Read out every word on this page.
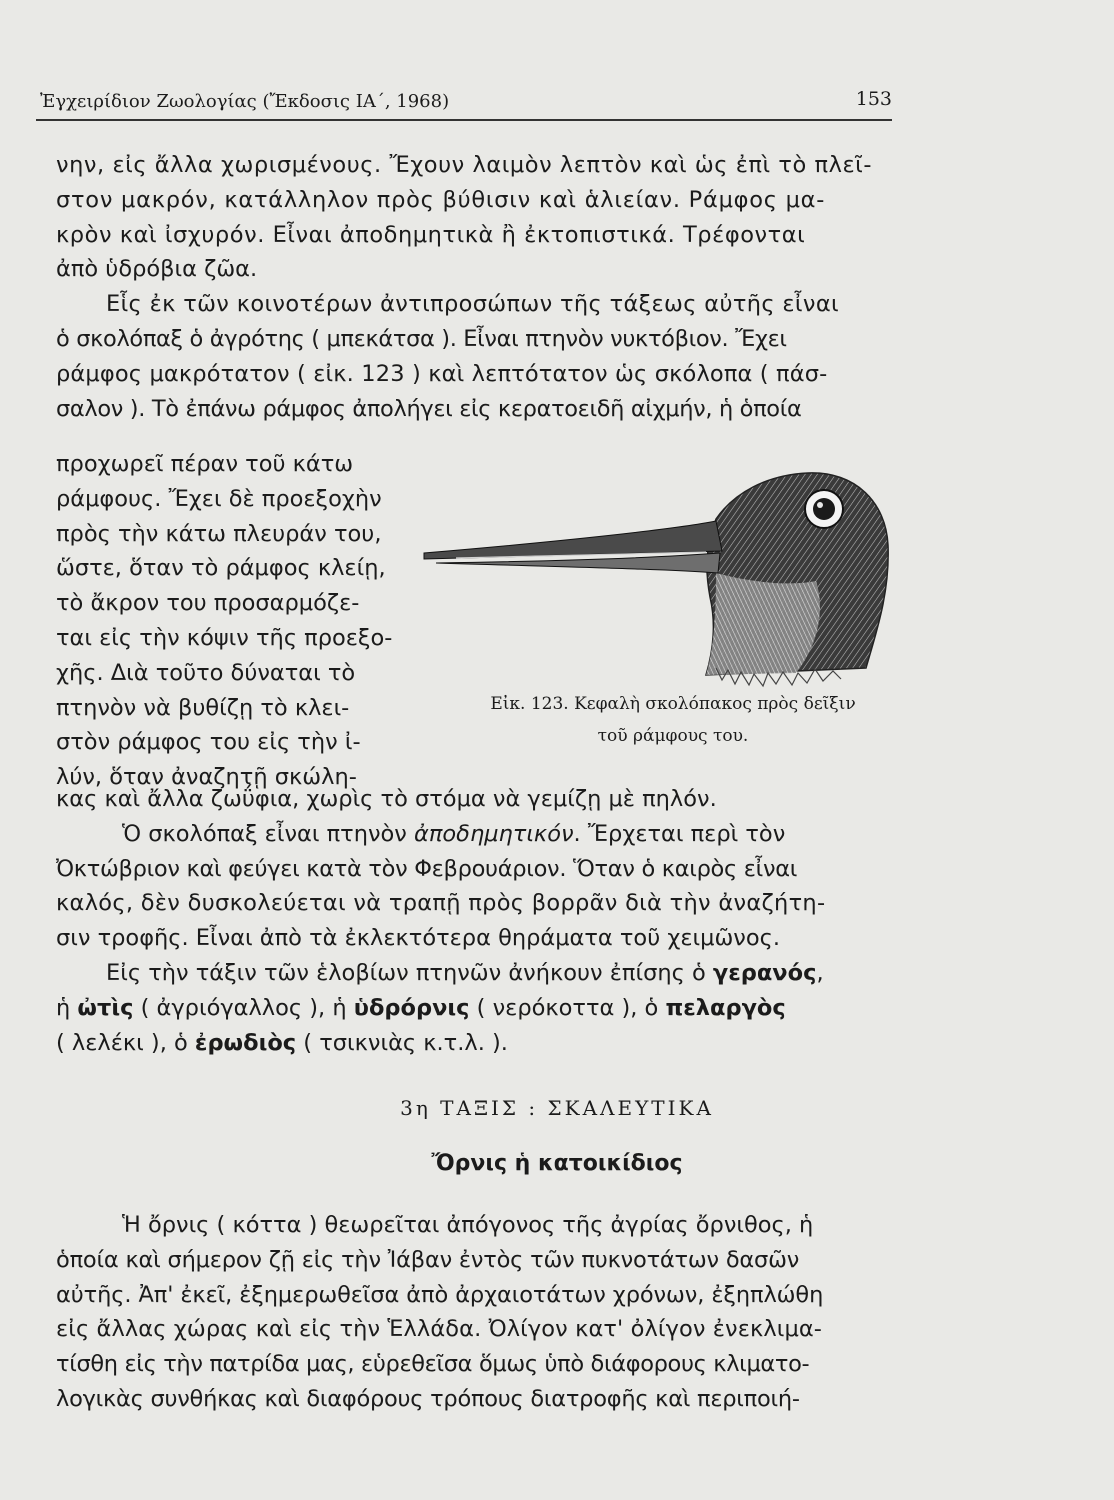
Ἐγχειρίδιον Ζωολογίας (Ἔκδοσις ΙΑ΄, 1968)	153
νην, εἰς ἄλλα χωρισμένους. Ἔχουν λαιμὸν λεπτὸν καὶ ὡς ἐπὶ τὸ πλεῖ-
στον μακρόν, κατάλληλον πρὸς βύθισιν καὶ ἁλιείαν. Ράμφος μα-
κρὸν καὶ ἰσχυρόν. Εἶναι ἀποδημητικὰ ἢ ἐκτοπιστικά. Τρέφονται
ἀπὸ ὑδρόβια ζῶα.
Εἷς ἐκ τῶν κοινοτέρων ἀντιπροσώπων τῆς τάξεως αὐτῆς εἶναι
ὁ σκολόπαξ ὁ ἀγρότης ( μπεκάτσα ). Εἶναι πτηνὸν νυκτόβιον. Ἔχει
ράμφος μακρότατον ( εἰκ. 123 ) καὶ λεπτότατον ὡς σκόλοπα ( πάσ-
σαλον ). Τὸ ἐπάνω ράμφος ἀπολήγει εἰς κερατοειδῆ αἰχμήν, ἡ ὁποία
προχωρεῖ πέραν τοῦ κάτω
ράμφους. Ἔχει δὲ προεξοχὴν
πρὸς τὴν κάτω πλευράν του,
ὥστε, ὅταν τὸ ράμφος κλείῃ,
τὸ ἄκρον του προσαρμόζε-
ται εἰς τὴν κόψιν τῆς προεξο-
χῆς. Διὰ τοῦτο δύναται τὸ
πτηνὸν νὰ βυθίζῃ τὸ κλει-
στὸν ράμφος του εἰς τὴν ἰ-
λύν, ὅταν ἀναζητῇ σκώλη-
Εἰκ. 123. Κεφαλὴ σκολόπακος πρὸς δεῖξιν
τοῦ ράμφους του.
κας καὶ ἄλλα ζωΰφια, χωρὶς τὸ στόμα νὰ γεμίζῃ μὲ πηλόν.
Ὁ σκολόπαξ εἶναι πτηνὸν ἀποδημητικόν. Ἔρχεται περὶ τὸν
Ὀκτώβριον καὶ φεύγει κατὰ τὸν Φεβρουάριον. Ὅταν ὁ καιρὸς εἶναι
καλός, δὲν δυσκολεύεται νὰ τραπῇ πρὸς βορρᾶν διὰ τὴν ἀναζήτη-
σιν τροφῆς. Εἶναι ἀπὸ τὰ ἐκλεκτότερα θηράματα τοῦ χειμῶνος.
Εἰς τὴν τάξιν τῶν ἑλοβίων πτηνῶν ἀνήκουν ἐπίσης ὁ γερανός,
ἡ ὠτὶς ( ἀγριόγαλλος ), ἡ ὑδρόρνις ( νερόκοττα ), ὁ πελαργὸς
( λελέκι ), ὁ ἐρωδιὸς ( τσικνιὰς κ.τ.λ. ).
3η ΤΑΞΙΣ : ΣΚΑΛΕΥΤΙΚΑ
Ὄρνις ἡ κατοικίδιος
Ἡ ὄρνις ( κόττα ) θεωρεῖται ἀπόγονος τῆς ἀγρίας ὄρνιθος, ἡ
ὁποία καὶ σήμερον ζῇ εἰς τὴν Ἰάβαν ἐντὸς τῶν πυκνοτάτων δασῶν
αὐτῆς. Ἀπ' ἐκεῖ, ἐξημερωθεῖσα ἀπὸ ἀρχαιοτάτων χρόνων, ἐξηπλώθη
εἰς ἄλλας χώρας καὶ εἰς τὴν Ἑλλάδα. Ὀλίγον κατ' ὀλίγον ἐνεκλιμα-
τίσθη εἰς τὴν πατρίδα μας, εὑρεθεῖσα ὅμως ὑπὸ διάφορους κλιματο-
λογικὰς συνθήκας καὶ διαφόρους τρόπους διατροφῆς καὶ περιποιή-
